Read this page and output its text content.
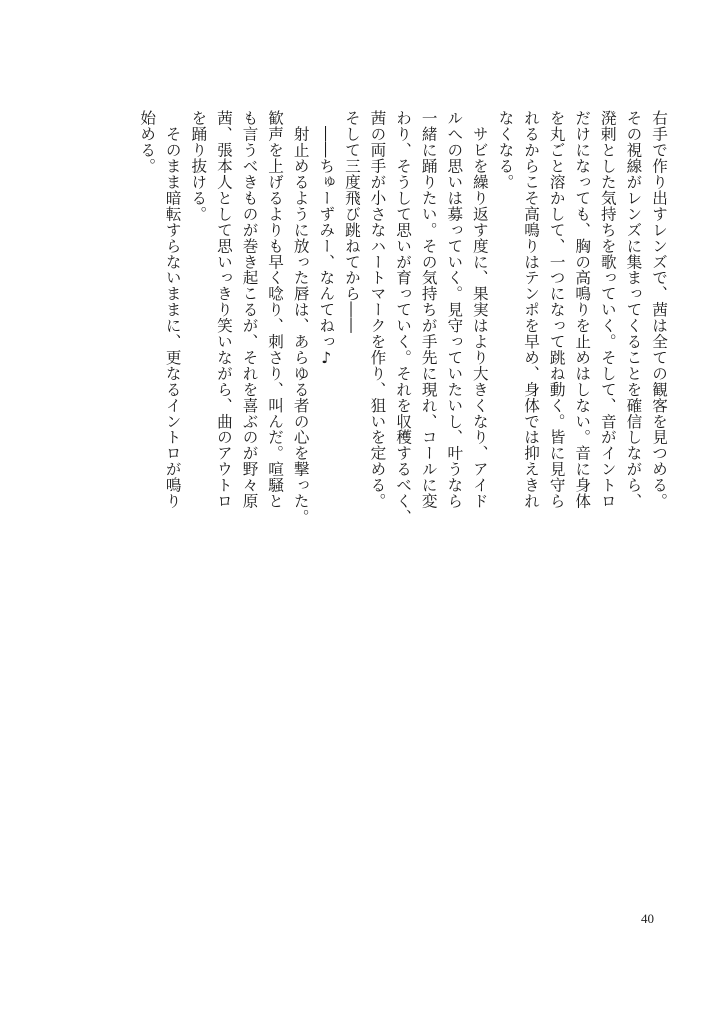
右手で作り出すレンズで、茜は全ての観客を見つめる。
その視線がレンズに集まってくることを確信しながら、
溌剌とした気持ちを歌っていく。そして、音がイントロ
だけになっても、胸の高鳴りを止めはしない。音に身体
を丸ごと溶かして、一つになって跳ね動く。皆に見守ら
れるからこそ高鳴りはテンポを早め、身体では抑えきれ
なくなる。
　サビを繰り返す度に、果実はより大きくなり、アイド
ルへの思いは募っていく。見守っていたいし、叶うなら
一緒に踊りたい。その気持ちが手先に現れ、コールに変
わり、そうして思いが育っていく。それを収穫するべく、
茜の両手が小さなハートマークを作り、狙いを定める。
そして三度飛び跳ねてから――
　――ちゅーずみー、なんてねっ♪
　射止めるように放った唇は、あらゆる者の心を撃った。
歓声を上げるよりも早く唸り、刺さり、叫んだ。喧騒と
も言うべきものが巻き起こるが、それを喜ぶのが野々原
茜、張本人として思いっきり笑いながら、曲のアウトロ
を踊り抜ける。
　そのまま暗転すらないままに、更なるイントロが鳴り
始める。
40
